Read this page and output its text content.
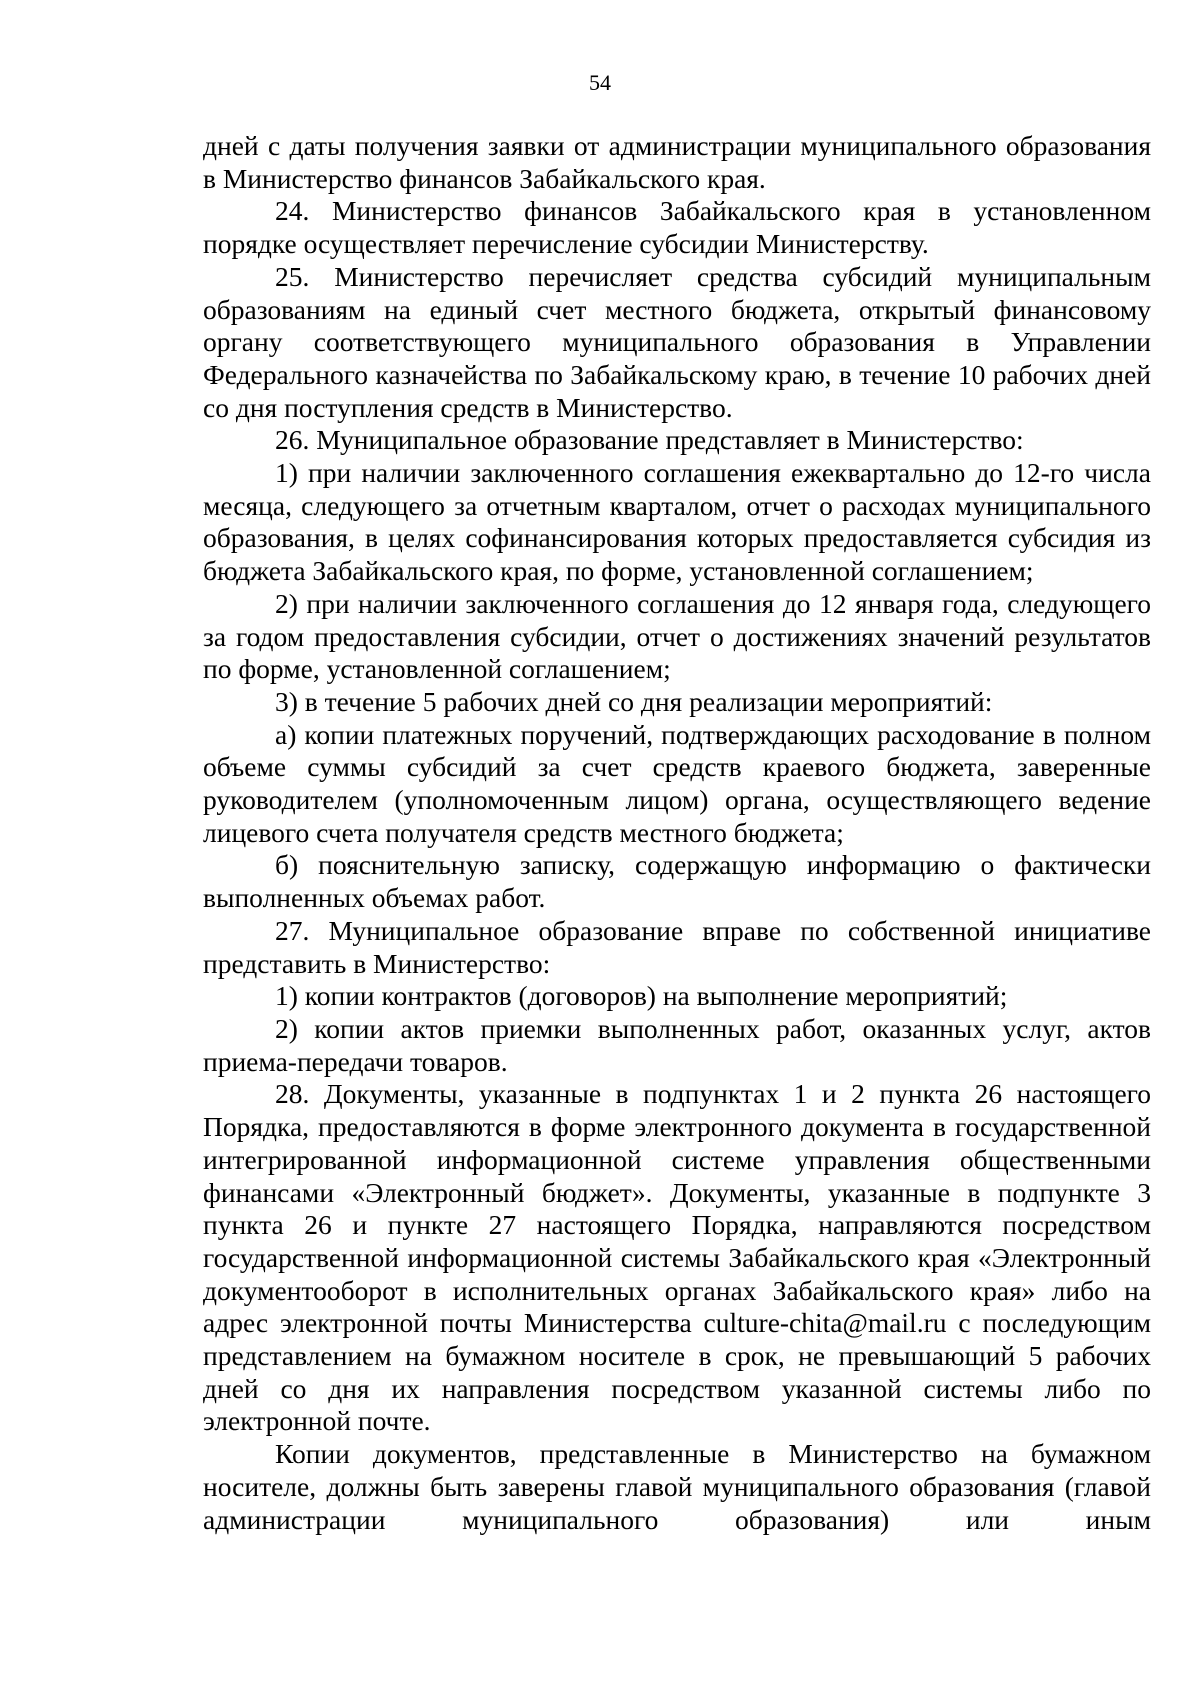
54

дней с даты получения заявки от администрации муниципального образования в Министерство финансов Забайкальского края.

24. Министерство финансов Забайкальского края в установленном порядке осуществляет перечисление субсидии Министерству.

25. Министерство перечисляет средства субсидий муниципальным образованиям на единый счет местного бюджета, открытый финансовому органу соответствующего муниципального образования в Управлении Федерального казначейства по Забайкальскому краю, в течение 10 рабочих дней со дня поступления средств в Министерство.

26. Муниципальное образование представляет в Министерство:

1) при наличии заключенного соглашения ежеквартально до 12-го числа месяца, следующего за отчетным кварталом, отчет о расходах муниципального образования, в целях софинансирования которых предоставляется субсидия из бюджета Забайкальского края, по форме, установленной соглашением;

2) при наличии заключенного соглашения до 12 января года, следующего за годом предоставления субсидии, отчет о достижениях значений результатов по форме, установленной соглашением;

3) в течение 5 рабочих дней со дня реализации мероприятий:

а) копии платежных поручений, подтверждающих расходование в полном объеме суммы субсидий за счет средств краевого бюджета, заверенные руководителем (уполномоченным лицом) органа, осуществляющего ведение лицевого счета получателя средств местного бюджета;

б) пояснительную записку, содержащую информацию о фактически выполненных объемах работ.

27. Муниципальное образование вправе по собственной инициативе представить в Министерство:

1) копии контрактов (договоров) на выполнение мероприятий;

2) копии актов приемки выполненных работ, оказанных услуг, актов приема-передачи товаров.

28. Документы, указанные в подпунктах 1 и 2 пункта 26 настоящего Порядка, предоставляются в форме электронного документа в государственной интегрированной информационной системе управления общественными финансами «Электронный бюджет». Документы, указанные в подпункте 3 пункта 26 и пункте 27 настоящего Порядка, направляются посредством государственной информационной системы Забайкальского края «Электронный документооборот в исполнительных органах Забайкальского края» либо на адрес электронной почты Министерства culture-chita@mail.ru с последующим представлением на бумажном носителе в срок, не превышающий 5 рабочих дней со дня их направления посредством указанной системы либо по электронной почте.

Копии документов, представленные в Министерство на бумажном носителе, должны быть заверены главой муниципального образования (главой администрации муниципального образования) или иным
